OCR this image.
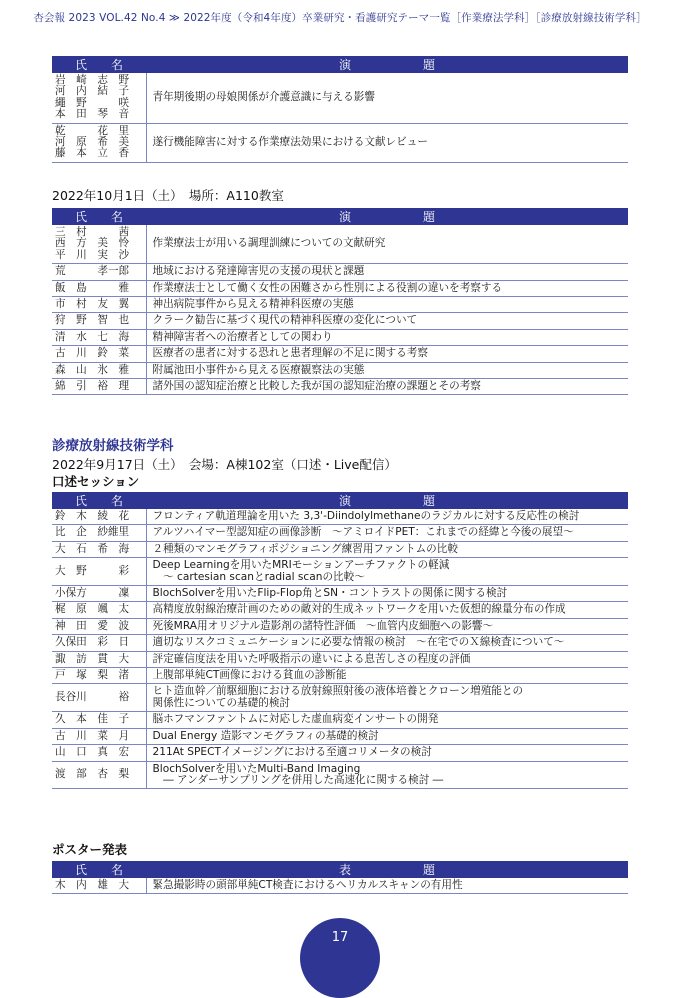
杏会報 2023 VOL.42 No.4 ≫ 2022年度（令和4年度）卒業研究・看護研究テーマ一覧［作業療法学科］［診療放射線技術学科］
氏　　名	演　　　　　　題

岩　崎　志　野
河　内　結　子
繩　野　　　咲
本　田　琴　音	青年期後期の母娘関係が介護意識に与える影響

乾　　　花　里
河　原　希　美
藤　本　立　香	遂行機能障害に対する作業療法効果における文献レビュー
2022年10月1日（土）　場所：A110教室
氏　　名	演　　　　　　題

三　村　　　茜
西　方　美　怜
平　川　実　沙	作業療法士が用いる調理訓練についての文献研究

荒　　　孝一郎	地域における発達障害児の支援の現状と課題

飯　島　　　雅	作業療法士として働く女性の困難さから性別による役割の違いを考察する

市　村　友　翼	神出病院事件から見える精神科医療の実態

狩　野　智　也	クラーク勧告に基づく現代の精神科医療の変化について

清　水　七　海	精神障害者への治療者としての関わり

古　川　鈴　菜	医療者の患者に対する恐れと患者理解の不足に関する考察

森　山　氷　雅	附属池田小事件から見える医療観察法の実態

綿　引　裕　理	諸外国の認知症治療と比較した我が国の認知症治療の課題とその考察
診療放射線技術学科
2022年9月17日（土）　会場：A棟102室（口述・Live配信）
口述セッション
氏　　名	演　　　　　　題

鈴　木　綾　花	フロンティア軌道理論を用いた 3,3'-Diindolylmethaneのラジカルに対する反応性の検討

比　企　紗維里	アルツハイマー型認知症の画像診断　～アミロイドPET：これまでの経緯と今後の展望～

大　石　希　海	２種類のマンモグラフィポジショニング練習用ファントムの比較

大　野　　　彩	Deep Learningを用いたMRIモーションアーチファクトの軽減
　～ cartesian scanとradial scanの比較～

小保方　　　凜	BlochSolverを用いたFlip-Flop角とSN・コントラストの関係に関する検討

梶　原　颯　太	高精度放射線治療計画のための敵対的生成ネットワークを用いた仮想的線量分布の作成

神　田　愛　波	死後MRA用オリジナル造影剤の諸特性評価　～血管内皮細胞への影響～

久保田　彩　日	適切なリスクコミュニケーションに必要な情報の検討　～在宅でのＸ線検査について～

諏　訪　貫　大	評定確信度法を用いた呼吸指示の違いによる息苦しさの程度の評価

戸　塚　梨　渚	上腹部単純CT画像における貧血の診断能

長谷川　　　裕	ヒト造血幹／前駆細胞における放射線照射後の液体培養とクローン増殖能との
関係性についての基礎的検討

久　本　佳　子	脳ホフマンファントムに対応した虚血病変インサートの開発

古　川　菜　月	Dual Energy 造影マンモグラフィの基礎的検討

山　口　真　宏	211At SPECTイメージングにおける至適コリメータの検討

渡　部　杏　梨	BlochSolverを用いたMulti-Band Imaging
　― アンダーサンプリングを併用した高速化に関する検討 ―
ポスター発表
氏　　名	表　　　　　　題

木　内　雄　大	緊急撮影時の頭部単純CT検査におけるヘリカルスキャンの有用性
17
